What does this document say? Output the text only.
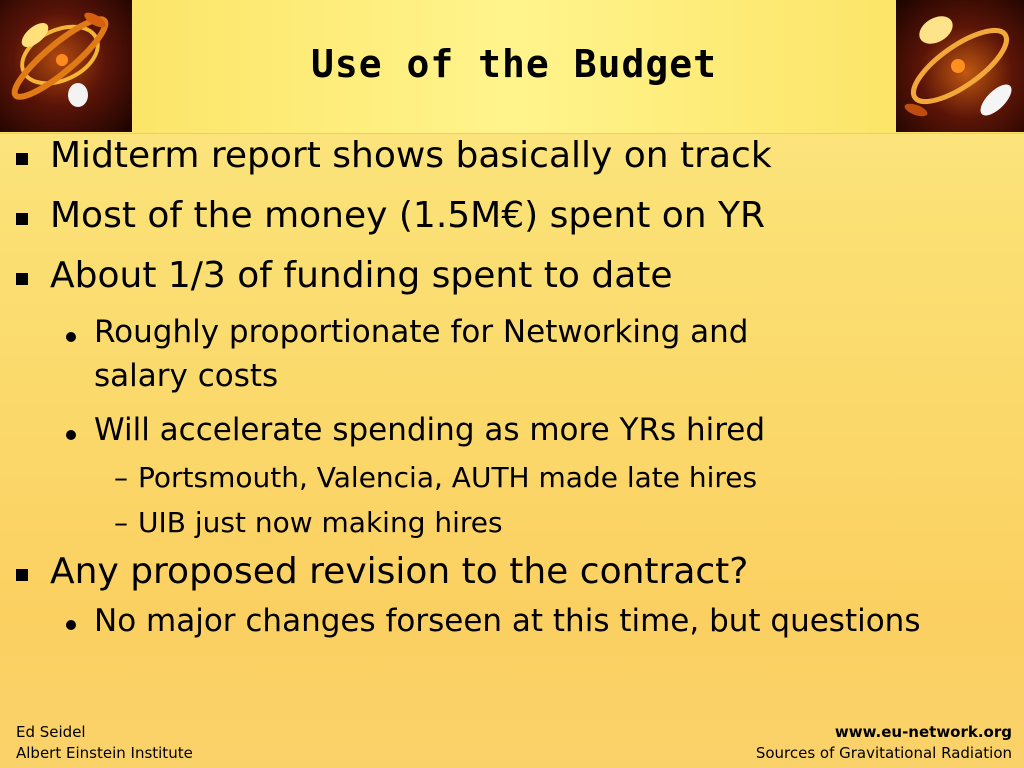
Use of the Budget
Midterm report shows basically on track
Most of the money (1.5M€) spent on YR
About 1/3 of funding spent to date
Roughly proportionate for Networking and
salary costs
Will accelerate spending as more YRs hired
– Portsmouth, Valencia, AUTH made late hires
– UIB just now making hires
Any proposed revision to the contract?
No major changes forseen at this time, but questions
Ed Seidel
Albert Einstein Institute
www.eu-network.org
Sources of Gravitational Radiation
